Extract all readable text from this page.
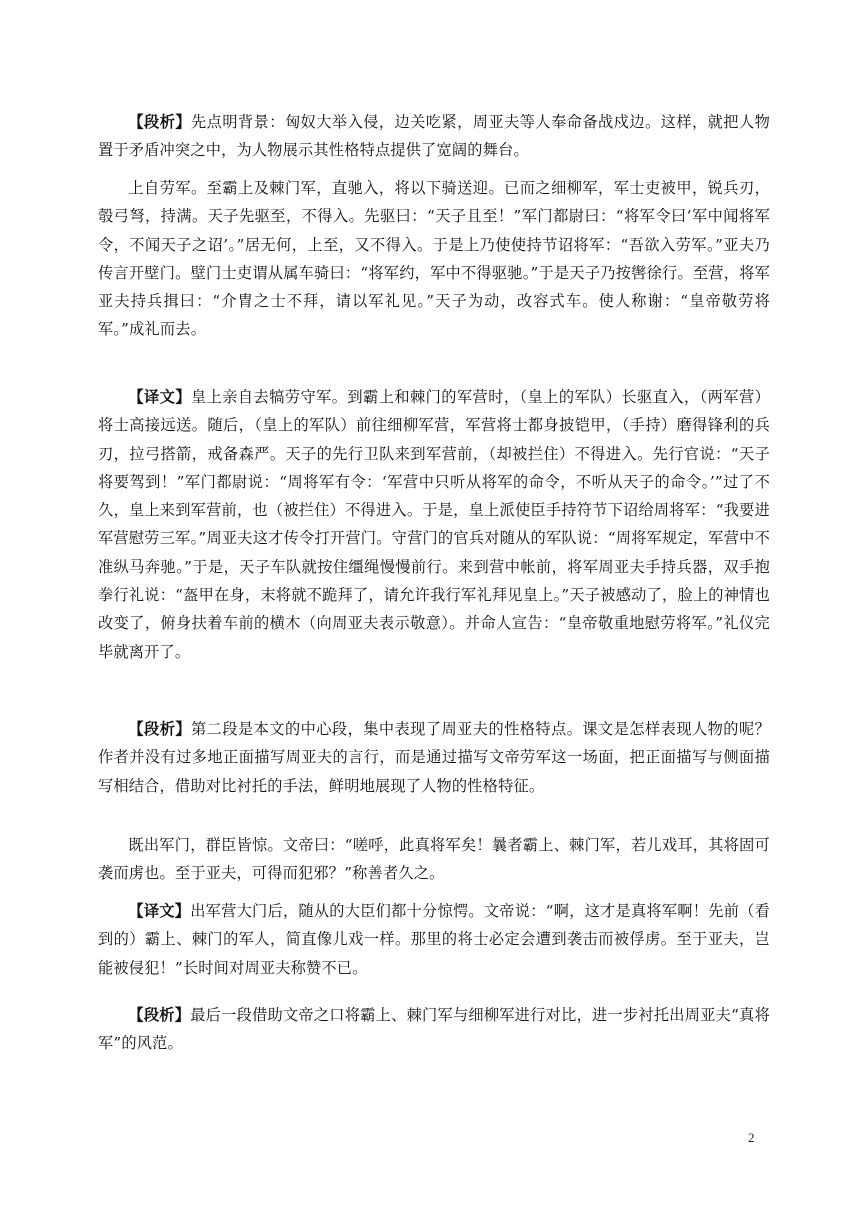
【段析】先点明背景：匈奴大举入侵，边关吃紧，周亚夫等人奉命备战戍边。这样，就把人物置于矛盾冲突之中，为人物展示其性格特点提供了宽阔的舞台。

上自劳军。至霸上及棘门军，直驰入，将以下骑送迎。已而之细柳军，军士吏被甲，锐兵刃，彀弓弩，持满。天子先驱至，不得入。先驱曰：“天子且至！”军门都尉曰：“将军令曰‘军中闻将军令，不闻天子之诏’。”居无何，上至，又不得入。于是上乃使使持节诏将军：“吾欲入劳军。”亚夫乃传言开壁门。壁门士吏谓从属车骑曰：“将军约，军中不得驱驰。”于是天子乃按辔徐行。至营，将军亚夫持兵揖曰：“介胄之士不拜，请以军礼见。”天子为动，改容式车。使人称谢：“皇帝敬劳将军。”成礼而去。

【译文】皇上亲自去犒劳守军。到霸上和棘门的军营时，（皇上的军队）长驱直入，（两军营）将士高接远送。随后，（皇上的军队）前往细柳军营，军营将士都身披铠甲，（手持）磨得锋利的兵刃，拉弓搭箭，戒备森严。天子的先行卫队来到军营前，（却被拦住）不得进入。先行官说：“天子将要驾到！”军门都尉说：“周将军有令：‘军营中只听从将军的命令，不听从天子的命令。’”过了不久，皇上来到军营前，也（被拦住）不得进入。于是，皇上派使臣手持符节下诏给周将军：“我要进军营慰劳三军。”周亚夫这才传令打开营门。守营门的官兵对随从的军队说：“周将军规定，军营中不准纵马奔驰。”于是，天子车队就按住缰绳慢慢前行。来到营中帐前，将军周亚夫手持兵器，双手抱拳行礼说：“盔甲在身，末将就不跪拜了，请允许我行军礼拜见皇上。”天子被感动了，脸上的神情也改变了，俯身扶着车前的横木（向周亚夫表示敬意）。并命人宣告：“皇帝敬重地慰劳将军。”礼仪完毕就离开了。

【段析】第二段是本文的中心段，集中表现了周亚夫的性格特点。课文是怎样表现人物的呢？作者并没有过多地正面描写周亚夫的言行，而是通过描写文帝劳军这一场面，把正面描写与侧面描写相结合，借助对比衬托的手法，鲜明地展现了人物的性格特征。

既出军门，群臣皆惊。文帝曰：“嗟呼，此真将军矣！曩者霸上、棘门军，若儿戏耳，其将固可袭而虏也。至于亚夫，可得而犯邪？”称善者久之。

【译文】出军营大门后，随从的大臣们都十分惊愕。文帝说：“啊，这才是真将军啊！先前（看到的）霸上、棘门的军人，简直像儿戏一样。那里的将士必定会遭到袭击而被俘虏。至于亚夫，岂能被侵犯！”长时间对周亚夫称赞不已。

【段析】最后一段借助文帝之口将霸上、棘门军与细柳军进行对比，进一步衬托出周亚夫“真将军”的风范。

2
